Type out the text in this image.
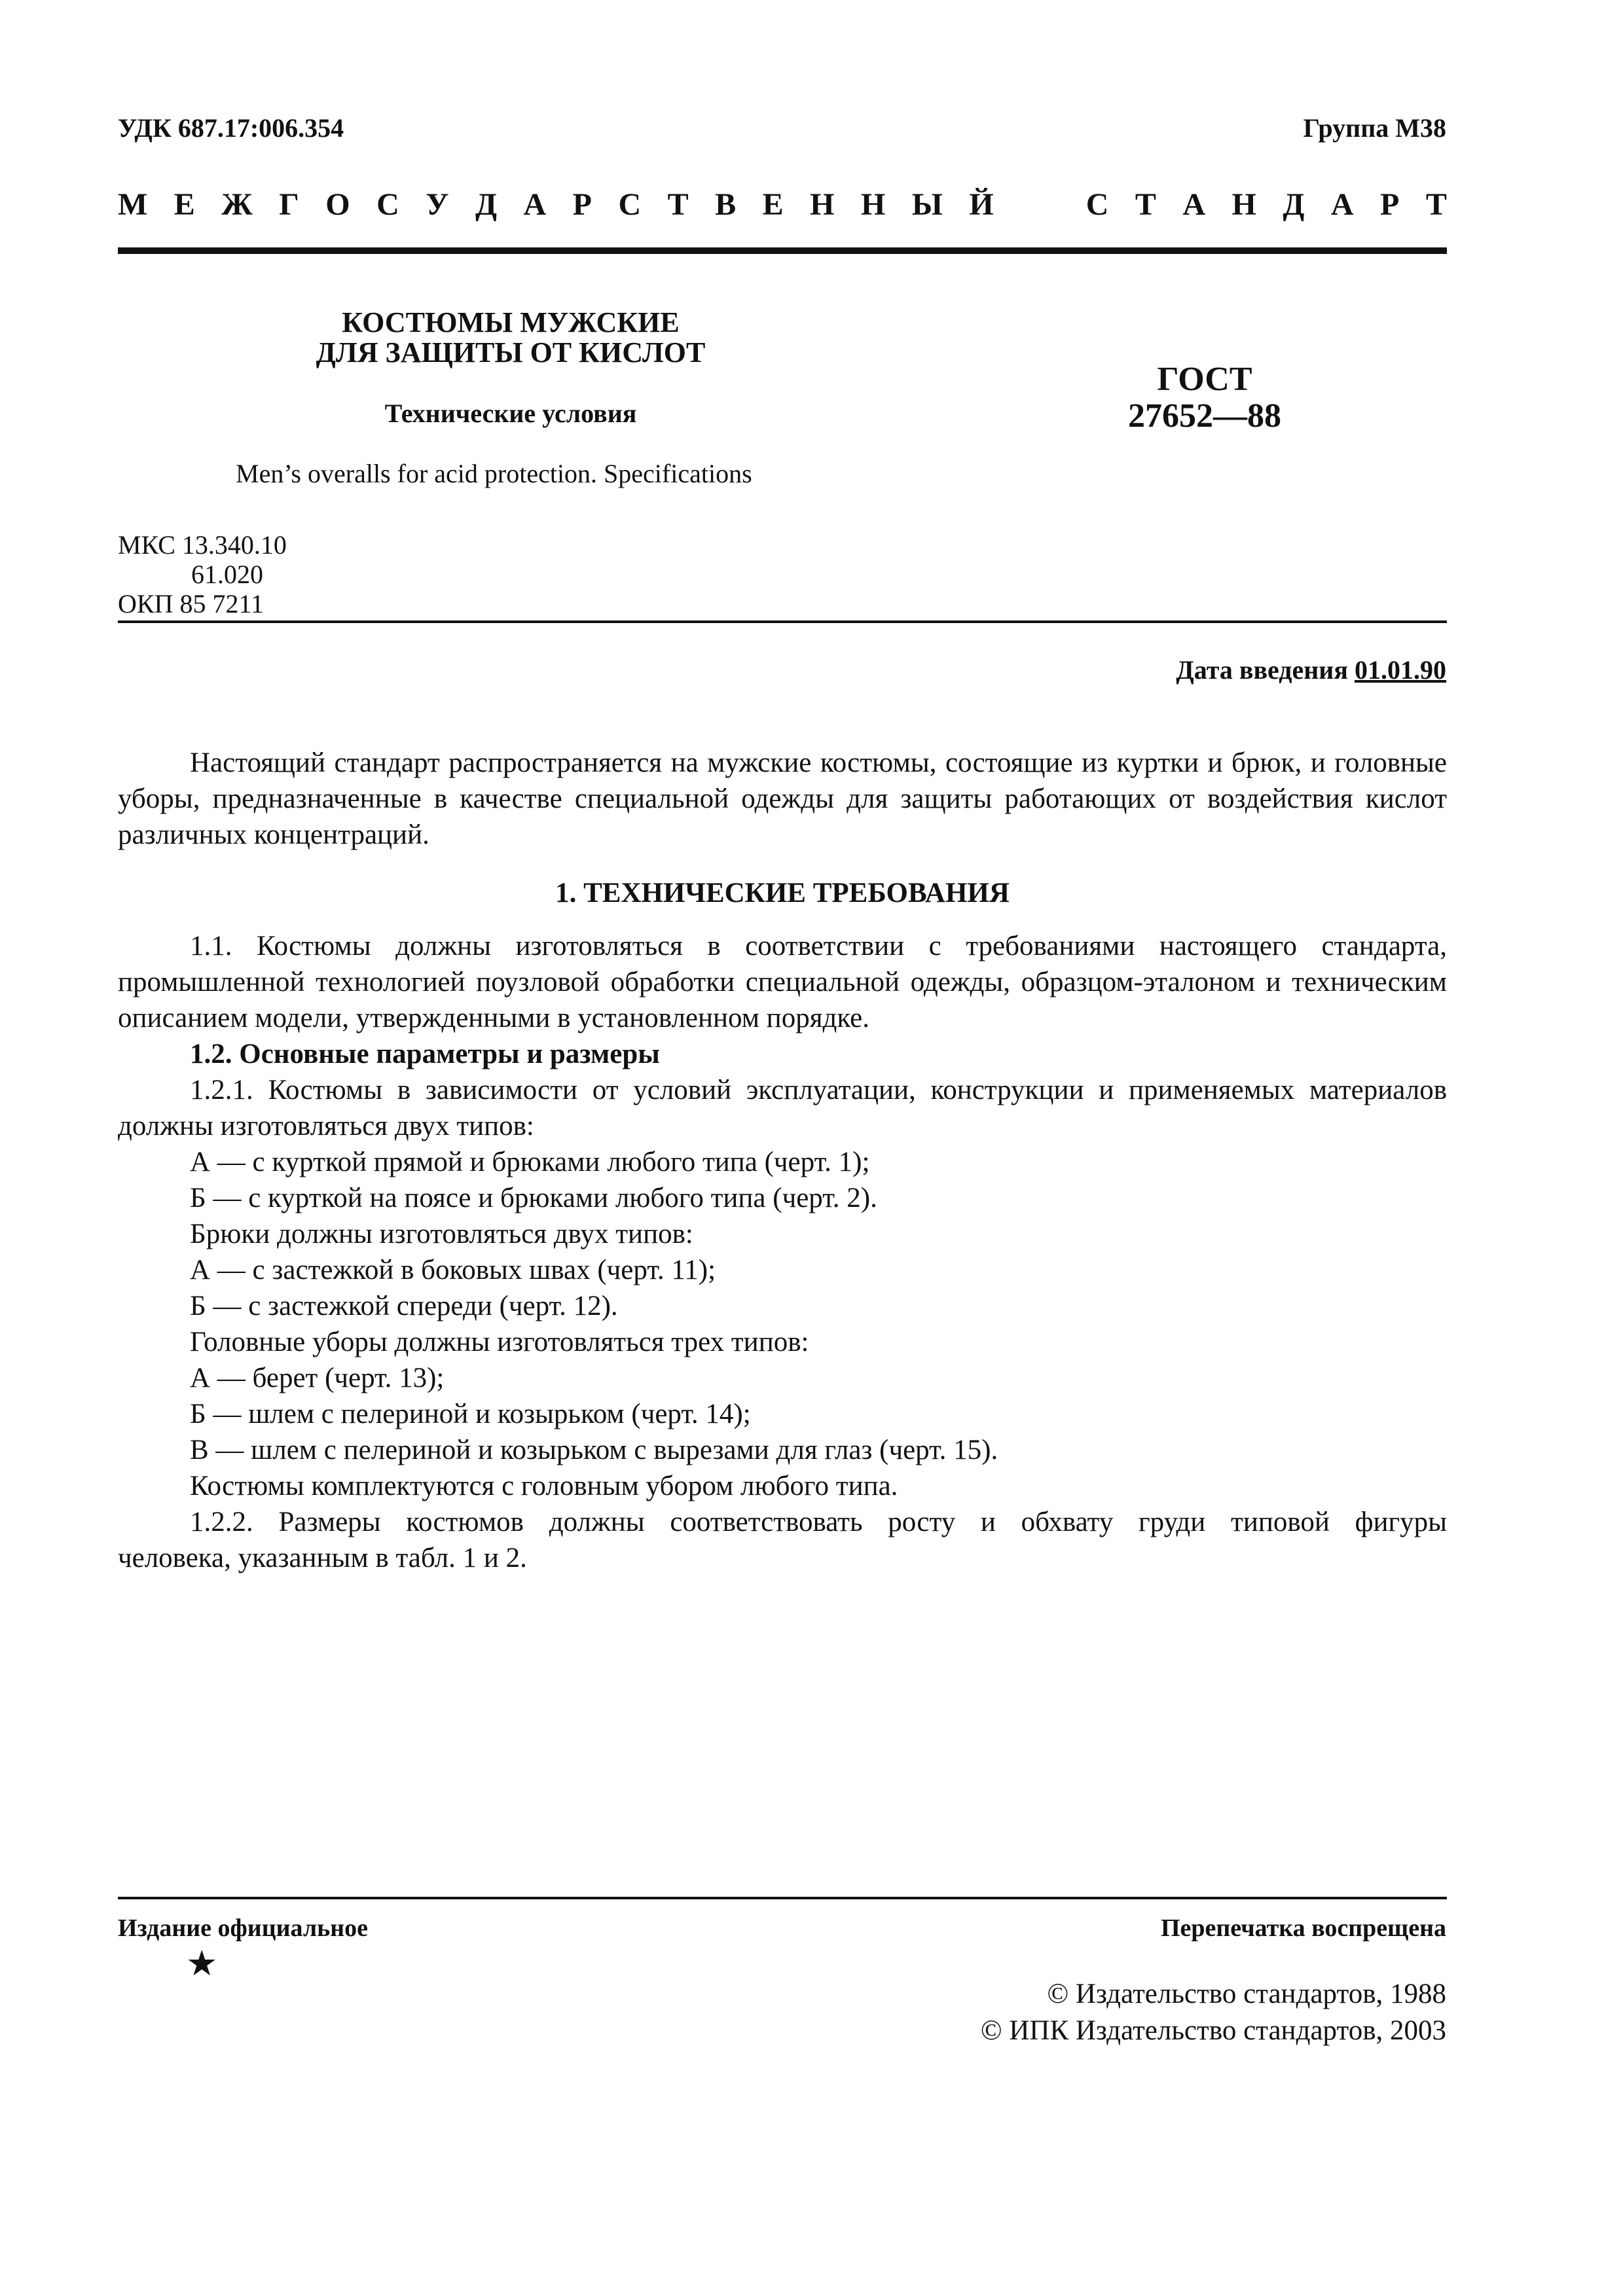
УДК 687.17:006.354	Группа М38
М Е Ж Г О С У Д А Р С Т В Е Н Н Ы Й	С Т А Н Д А Р Т
КОСТЮМЫ МУЖСКИЕ
ДЛЯ ЗАЩИТЫ ОТ КИСЛОТ
Технические условия
Men’s overalls for acid protection. Specifications
ГОСТ
27652—88
МКС 13.340.10
61.020
ОКП 85 7211
Дата введения 01.01.90
Настоящий стандарт распространяется на мужские костюмы, состоящие из куртки и брюк, и головные уборы, предназначенные в качестве специальной одежды для защиты работающих от воздействия кислот различных концентраций.
1. ТЕХНИЧЕСКИЕ ТРЕБОВАНИЯ
1.1. Костюмы должны изготовляться в соответствии с требованиями настоящего стандарта, промышленной технологией поузловой обработки специальной одежды, образцом-эталоном и техническим описанием модели, утвержденными в установленном порядке.
1.2. Основные параметры и размеры
1.2.1. Костюмы в зависимости от условий эксплуатации, конструкции и применяемых материалов должны изготовляться двух типов:
А — с курткой прямой и брюками любого типа (черт. 1);
Б — с курткой на поясе и брюками любого типа (черт. 2).
Брюки должны изготовляться двух типов:
А — с застежкой в боковых швах (черт. 11);
Б — с застежкой спереди (черт. 12).
Головные уборы должны изготовляться трех типов:
А — берет (черт. 13);
Б — шлем с пелериной и козырьком (черт. 14);
В — шлем с пелериной и козырьком с вырезами для глаз (черт. 15).
Костюмы комплектуются с головным убором любого типа.
1.2.2. Размеры костюмов должны соответствовать росту и обхвату груди типовой фигуры
человека, указанным в табл. 1 и 2.
Издание официальное
★
Перепечатка воспрещена
© Издательство стандартов, 1988
© ИПК Издательство стандартов, 2003
